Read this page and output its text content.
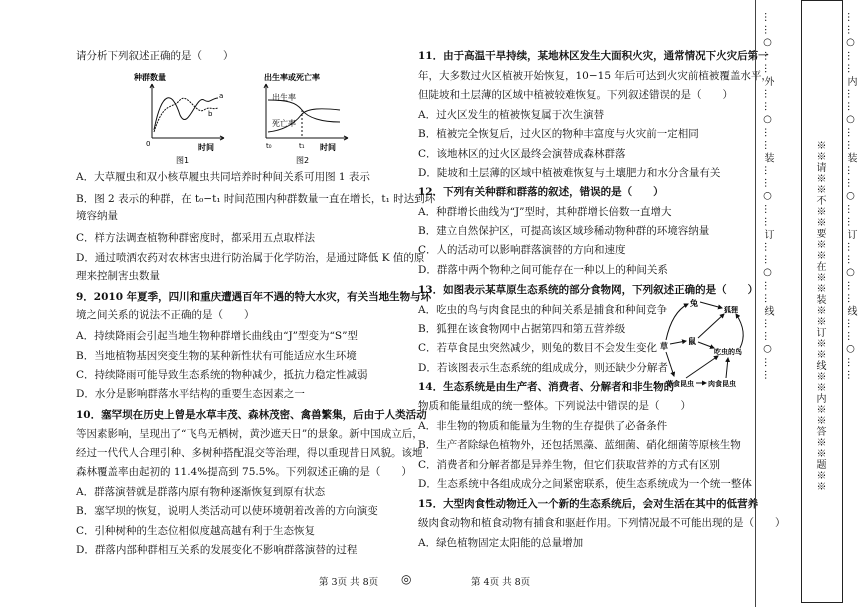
请分析下列叙述正确的是（　　）
种群数量
a
b
0	时间
图1
出生率或死亡率
出生率
死亡率
t₀	t₁ 时间
图2
A．大草履虫和双小核草履虫共同培养时种间关系可用图 1 表示
B．图 2 表示的种群，在 t₀−t₁ 时间范围内种群数量一直在增长，t₁ 时达到环
境容纳量
C．样方法调查植物种群密度时，都采用五点取样法
D．通过喷洒农药对农林害虫进行防治属于化学防治，是通过降低 K 值的原
理来控制害虫数量
9．2010 年夏季，四川和重庆遭遇百年不遇的特大水灾，有关当地生物与环
境之间关系的说法不正确的是（　　）
A．持续降雨会引起当地生物种群增长曲线由“J”型变为“S”型
B．当地植物基因突变生物的某种新性状有可能适应水生环境
C．持续降雨可能导致生态系统的物种减少，抵抗力稳定性减弱
D．水分是影响群落水平结构的重要生态因素之一
10．塞罕坝在历史上曾是水草丰茂、森林茂密、禽兽繁集，后由于人类活动
等因素影响，呈现出了“飞鸟无栖树，黄沙遮天日”的景象。新中国成立后，
经过一代代人合理引种、多树种搭配混交等治理，得以重现昔日风貌。该地
森林覆盖率由起初的 11.4%提高到 75.5%。下列叙述正确的是（　　）
A．群落演替就是群落内原有物种逐渐恢复到原有状态
B．塞罕坝的恢复，说明人类活动可以使环境朝着改善的方向演变
C．引种树种的生态位相似度越高越有利于生态恢复
D．群落内部种群相互关系的发展变化不影响群落演替的过程
第 3页 共 8页 ◎
11．由于高温干旱持续，某地林区发生大面积火灾，通常情况下火灾后第一
年，大多数过火区植被开始恢复，10−15 年后可达到火灾前植被覆盖水平，
但陡坡和土层薄的区域中植被较难恢复。下列叙述错误的是（　　）
A．过火区发生的植被恢复属于次生演替
B．植被完全恢复后，过火区的物种丰富度与火灾前一定相同
C．该地林区的过火区最终会演替成森林群落
D．陡坡和土层薄的区域中植被难恢复与土壤肥力和水分含量有关
12．下列有关种群和群落的叙述，错误的是（　　）
A．种群增长曲线为“J”型时，其种群增长倍数一直增大
B．建立自然保护区，可提高该区域珍稀动物种群的环境容纳量
C．人的活动可以影响群落演替的方向和速度
D．群落中两个物种之间可能存在一种以上的种间关系
13．如图表示某草原生态系统的部分食物网，下列叙述正确的是（　　）
A．吃虫的鸟与肉食昆虫的种间关系是捕食和种间竞争
B．狐狸在该食物网中占据第四和第五营养级
C．若草食昆虫突然减少，则兔的数目不会发生变化
D．若该图表示生态系统的组成成分，则还缺少分解者
草
兔
狐狸
鼠
吃虫的鸟
草食昆虫 肉食昆虫
14．生态系统是由生产者、消费者、分解者和非生物的
物质和能量组成的统一整体。下列说法中错误的是（　　）
A．非生物的物质和能量为生物的生存提供了必备条件
B．生产者除绿色植物外，还包括黑藻、蓝细菌、硝化细菌等原核生物
C．消费者和分解者都是异养生物，但它们获取营养的方式有区别
D．生态系统中各组成成分之间紧密联系，使生态系统成为一个统一整体
15．大型肉食性动物迁入一个新的生态系统后，会对生活在其中的低营养
级肉食动物和植食动物有捕食和驱赶作用。下列情况最不可能出现的是（　　）
A．绿色植物固定太阳能的总量增加
第 4页 共 8页
……○……外……○……装……○……订……○……线……○……	……○……内……○……装……○……订……○……线……○……
※※请※※不※※要※※在※※装※※订※※线※※内※※答※※题※※
